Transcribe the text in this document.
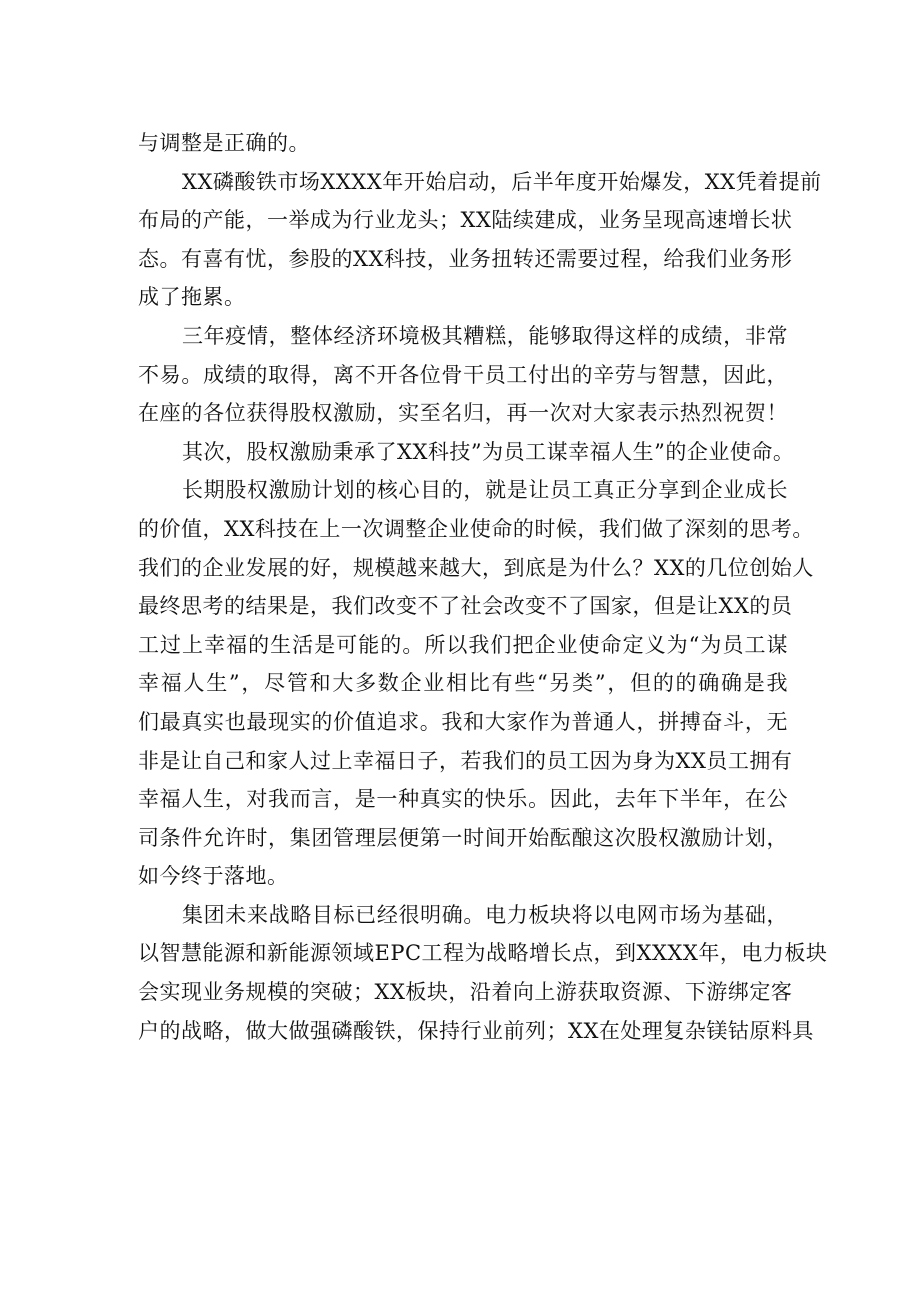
与调整是正确的。
XX磷酸铁市场XXXX年开始启动，后半年度开始爆发，XX凭着提前
布局的产能，一举成为行业龙头；XX陆续建成，业务呈现高速增长状
态。有喜有忧，参股的XX科技，业务扭转还需要过程，给我们业务形
成了拖累。
三年疫情，整体经济环境极其糟糕，能够取得这样的成绩，非常
不易。成绩的取得，离不开各位骨干员工付出的辛劳与智慧，因此，
在座的各位获得股权激励，实至名归，再一次对大家表示热烈祝贺！
其次，股权激励秉承了XX科技”为员工谋幸福人生”的企业使命。
长期股权激励计划的核心目的，就是让员工真正分享到企业成长
的价值，XX科技在上一次调整企业使命的时候，我们做了深刻的思考。
我们的企业发展的好，规模越来越大，到底是为什么？XX的几位创始人
最终思考的结果是，我们改变不了社会改变不了国家，但是让XX的员
工过上幸福的生活是可能的。所以我们把企业使命定义为“为员工谋
幸福人生”，尽管和大多数企业相比有些“另类”，但的的确确是我
们最真实也最现实的价值追求。我和大家作为普通人，拼搏奋斗，无
非是让自己和家人过上幸福日子，若我们的员工因为身为XX员工拥有
幸福人生，对我而言，是一种真实的快乐。因此，去年下半年，在公
司条件允许时，集团管理层便第一时间开始酝酿这次股权激励计划，
如今终于落地。
集团未来战略目标已经很明确。电力板块将以电网市场为基础，
以智慧能源和新能源领域EPC工程为战略增长点，到XXXX年，电力板块
会实现业务规模的突破；XX板块，沿着向上游获取资源、下游绑定客
户的战略，做大做强磷酸铁，保持行业前列；XX在处理复杂镁钴原料具
